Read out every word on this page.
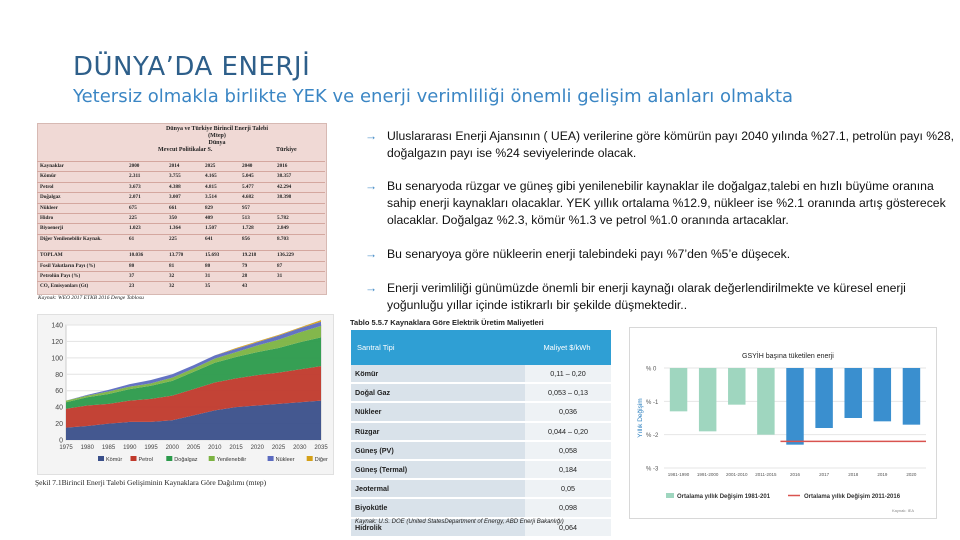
DÜNYA’DA ENERJİ
Yetersiz olmakla birlikte YEK ve enerji verimliliği önemli gelişim alanları olmakta
→ Uluslararası Enerji Ajansının ( UEA) verilerine göre kömürün payı 2040 yılında %27.1, petrolün payı %28, doğalgazın payı ise %24 seviyelerinde olacak.
→ Bu senaryoda rüzgar ve güneş gibi yenilenebilir kaynaklar ile doğalgaz,talebi en hızlı büyüme oranına sahip enerji kaynakları olacaklar. YEK yıllık ortalama %12.9, nükleer ise %2.1 oranında artış gösterecek olacaklar. Doğalgaz %2.3, kömür %1.3 ve petrol %1.0 oranında artacaklar.
→ Bu senaryoya göre nükleerin enerji talebindeki payı %7’den %5’e düşecek.
→ Enerji verimliliği günümüzde önemli bir enerji kaynağı olarak değerlendirilmekte ve küresel enerji yoğunluğu yıllar içinde istikrarlı bir şekilde düşmektedir..
Dünya ve Türkiye Birincil Enerji Talebi
(Mtep)
Dünya
Mevcut Politikalar S.	Türkiye
Kaynaklar	2000	2014	2025	2040	2016
Kömür	2.311	3.755	4.165	5.045	38.357
Petrol	3.673	4.388	4.815	5.477	42.294
Doğalgaz	2.071	3.007	3.514	4.682	38.398
Nükleer	675	661	829	957
Hidro	225	350	409	513	5.782
Biyoenerji	1.023	1.364	1.507	1.728	2.849
Diğer Yenilenebilir Kaynak.	61	225	641	856	8.703
TOPLAM	10.036	13.770	15.693	19.218	136.229
Fosil Yakıtların Payı (%)	80	81	80	79	87
Petrolün Payı (%)	37	32	31	28	31
CO₂ Emisyonları (Gt)	23	32	35	43
Kaynak: WEO 2017 ETKB 2016 Denge Tablosu
0
20
40
60
80
100
120
140
1975 1980 1985 1990 1995 2000 2005 2010 2015 2020 2025 2030 2035
Kömür	Petrol	Doğalgaz	Yenilenebilir	Nükleer	Diğer
Şekil 7.1Birincil Enerji Talebi Gelişiminin Kaynaklara Göre Dağılımı (mtep)
Tablo 5.5.7 Kaynaklara Göre Elektrik Üretim Maliyetleri
Santral Tipi	Maliyet $/kWh
Kömür	0,11 – 0,20
Doğal Gaz	0,053 – 0,13
Nükleer	0,036
Rüzgar	0,044 – 0,20
Güneş (PV)	0,058
Güneş (Termal)	0,184
Jeotermal	0,05
Biyokütle	0,098
Hidrolik	0,064
Kaynak: U.S. DOE (United StatesDepartment of Energy, ABD Enerji Bakanlığı)
GSYİH başına tüketilen enerji
Yıllık Değişim
% 0
% -1
% -2
% -3
1981-1990 1991-2000 2001-2010 2011-2015	2016	2017	2018	2019	2020
Ortalama yıllık Değişim 1981-201	Ortalama yıllık Değişim 2011-2016
Kaynak: IEA
